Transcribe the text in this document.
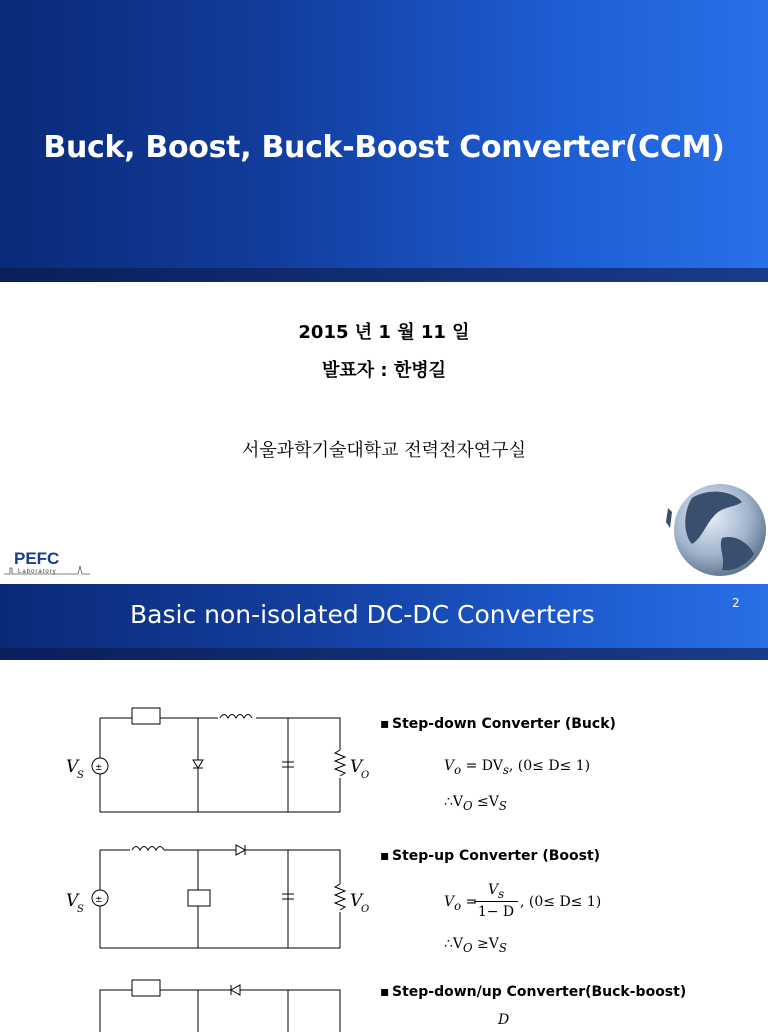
Buck, Boost, Buck-Boost Converter(CCM)
2015 년 1 월 11 일
발표자 : 한병길
서울과학기술대학교 전력전자연구실
PEFC
Laboratory
Basic non-isolated DC-DC Converters	2
±
V
S	V
O
▪ Step-down Converter (Buck)
$V_o = DV_s$, (0≤ D≤ 1)
$\therefore V_O \le V_S$
±
V
S	V
O
▪ Step-up Converter (Boost)
$V_o$ =
$V_s$
1− D
, (0≤ D≤ 1)
$\therefore V_O \ge V_S$
▪ Step-down/up Converter(Buck-boost)
D
